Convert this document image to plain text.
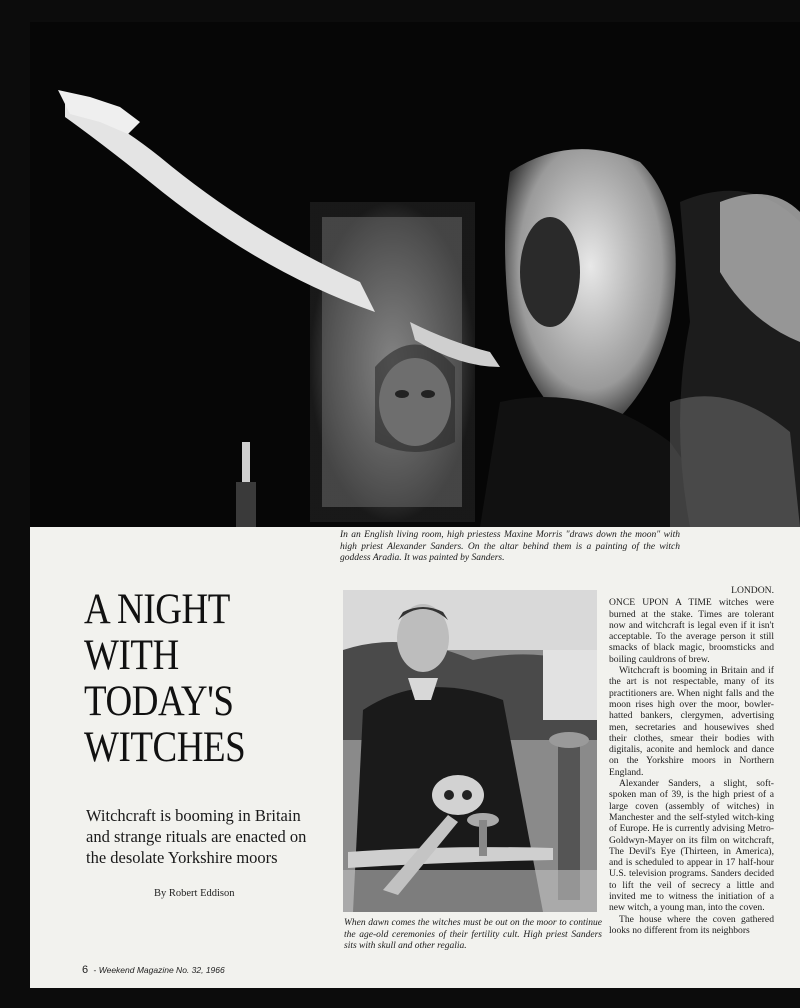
In an English living room, high priestess Maxine Morris "draws down the moon" with high priest Alexander Sanders. On the altar behind them is a painting of the witch goddess Aradia. It was painted by Sanders.

A NIGHT
WITH
TODAY'S
WITCHES
Witchcraft is booming in Britain and strange rituals are enacted on the desolate Yorkshire moors
By Robert Eddison

When dawn comes the witches must be out on the moor to continue the age-old ceremonies of their fertility cult. High priest Sanders sits with skull and other regalia.

LONDON.

ONCE UPON A TIME witches were burned at the stake. Times are tolerant now and witchcraft is legal even if it isn't acceptable. To the average person it still smacks of black magic, broomsticks and boiling cauldrons of brew.

Witchcraft is booming in Britain and if the art is not respectable, many of its practitioners are. When night falls and the moon rises high over the moor, bowler-hatted bankers, clergymen, advertising men, secretaries and housewives shed their clothes, smear their bodies with digitalis, aconite and hemlock and dance on the Yorkshire moors in Northern England.

Alexander Sanders, a slight, soft-spoken man of 39, is the high priest of a large coven (assembly of witches) in Manchester and the self-styled witch-king of Europe. He is currently advising Metro-Goldwyn-Mayer on its film on witchcraft, The Devil's Eye (Thirteen, in America), and is scheduled to appear in 17 half-hour U.S. television programs. Sanders decided to lift the veil of secrecy a little and invited me to witness the initiation of a new witch, a young man, into the coven.

The house where the coven gathered looks no different from its neighbors

6 - Weekend Magazine No. 32, 1966
